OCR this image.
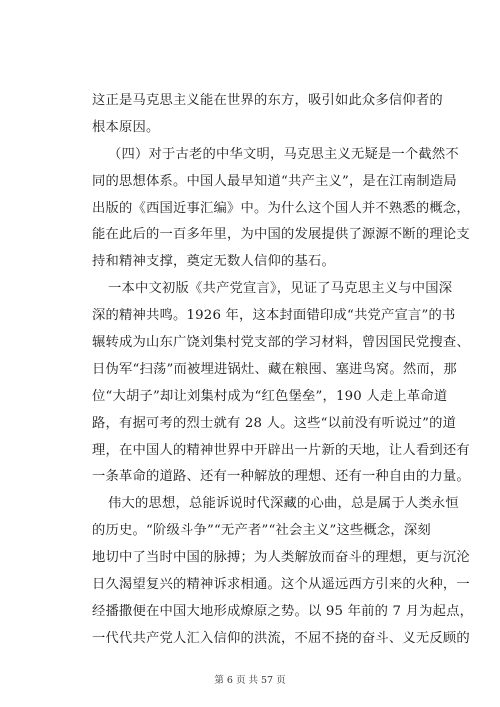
这正是马克思主义能在世界的东方，吸引如此众多信仰者的
根本原因。
（四）对于古老的中华文明，马克思主义无疑是一个截然不
同的思想体系。中国人最早知道“共产主义”，是在江南制造局
出版的《西国近事汇编》中。为什么这个国人并不熟悉的概念，
能在此后的一百多年里，为中国的发展提供了源源不断的理论支
持和精神支撑，奠定无数人信仰的基石。
一本中文初版《共产党宣言》，见证了马克思主义与中国深
深的精神共鸣。1926 年，这本封面错印成“共党产宣言”的书
辗转成为山东广饶刘集村党支部的学习材料，曾因国民党搜查、
日伪军“扫荡”而被埋进锅灶、藏在粮囤、塞进鸟窝。然而，那
位“大胡子”却让刘集村成为“红色堡垒”，190 人走上革命道
路，有据可考的烈士就有 28 人。这些“以前没有听说过”的道
理，在中国人的精神世界中开辟出一片新的天地，让人看到还有
一条革命的道路、还有一种解放的理想、还有一种自由的力量。
伟大的思想，总能诉说时代深藏的心曲，总是属于人类永恒
的历史。“阶级斗争”“无产者”“社会主义”这些概念，深刻
地切中了当时中国的脉搏；为人类解放而奋斗的理想，更与沉沦
日久渴望复兴的精神诉求相通。这个从遥远西方引来的火种，一
经播撒便在中国大地形成燎原之势。以 95 年前的 7 月为起点，
一代代共产党人汇入信仰的洪流，不屈不挠的奋斗、义无反顾的
第 6 页 共 57 页
